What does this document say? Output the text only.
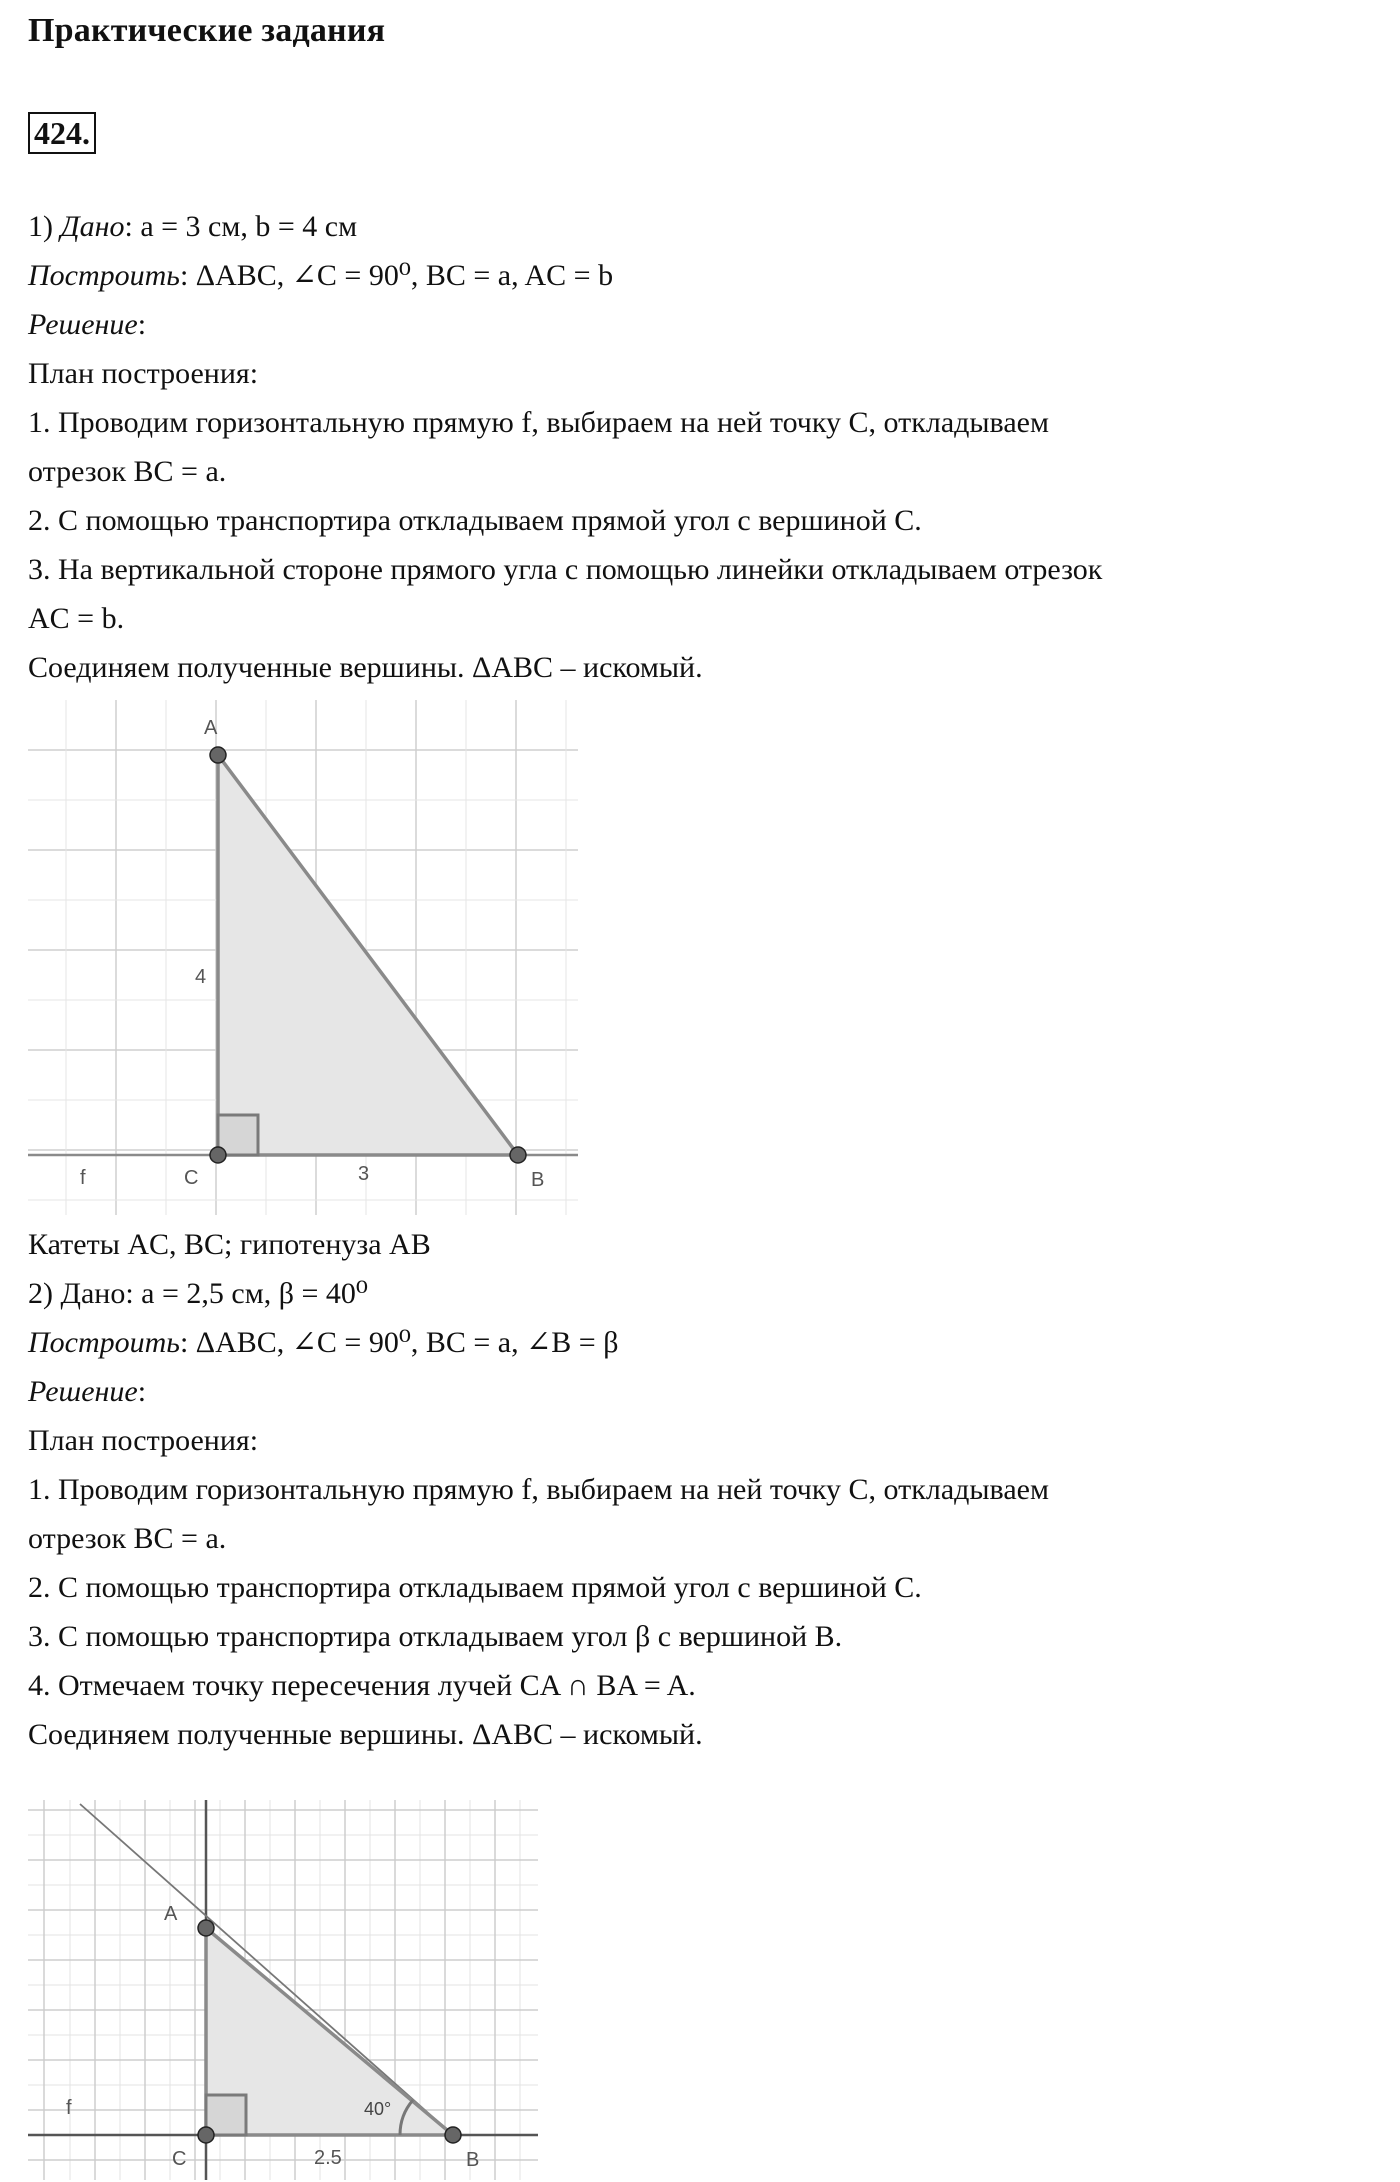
Практические задания
424.
1) Дано: a = 3 см, b = 4 см
Построить: ΔABC, ∠C = 90⁰, BC = a, AC = b
Решение:
План построения:
1. Проводим горизонтальную прямую f, выбираем на ней точку C, откладываем
отрезок BC = a.
2. С помощью транспортира откладываем прямой угол с вершиной C.
3. На вертикальной стороне прямого угла с помощью линейки откладываем отрезок
AC = b.
Соединяем полученные вершины. ΔABC – искомый.
A
C	B
f
4
3
Катеты AC, BC; гипотенуза AB
2) Дано: a = 2,5 см, β = 40⁰
Построить: ΔABC, ∠C = 90⁰, BC = a, ∠B = β
Решение:
План построения:
1. Проводим горизонтальную прямую f, выбираем на ней точку C, откладываем
отрезок BC = a.
2. С помощью транспортира откладываем прямой угол с вершиной C.
3. С помощью транспортира откладываем угол β с вершиной B.
4. Отмечаем точку пересечения лучей CA ∩ BA = A.
Соединяем полученные вершины. ΔABC – искомый.
A
C	B
f
2.5
40°
